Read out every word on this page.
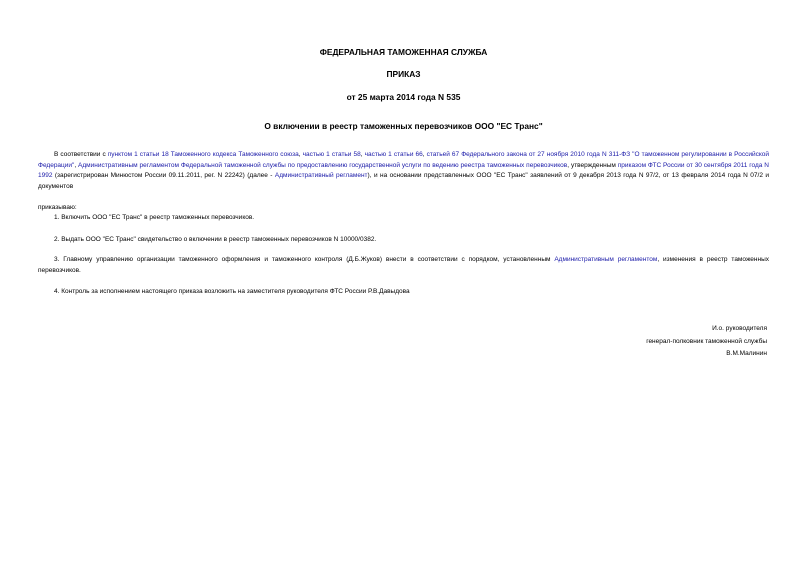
ФЕДЕРАЛЬНАЯ ТАМОЖЕННАЯ СЛУЖБА
ПРИКАЗ
от 25 марта 2014 года N 535
О включении в реестр таможенных перевозчиков ООО "ЕС Транс"
В соответствии с пунктом 1 статьи 18 Таможенного кодекса Таможенного союза, частью 1 статьи 58, частью 1 статьи 66, статьей 67 Федерального закона от 27 ноября 2010 года N 311-ФЗ "О таможенном регулировании в Российской Федерации", Административным регламентом Федеральной таможенной службы по предоставлению государственной услуги по ведению реестра таможенных перевозчиков, утвержденным приказом ФТС России от 30 сентября 2011 года N 1992 (зарегистрирован Минюстом России 09.11.2011, рег. N 22242) (далее - Административный регламент), и на основании представленных ООО "ЕС Транс" заявлений от 9 декабря 2013 года N 97/2, от 13 февраля 2014 года N 07/2 и документов
приказываю:
1. Включить ООО "ЕС Транс" в реестр таможенных перевозчиков.
2. Выдать ООО "ЕС Транс" свидетельство о включении в реестр таможенных перевозчиков N 10000/0382.
3. Главному управлению организации таможенного оформления и таможенного контроля (Д.Б.Жуков) внести в соответствии с порядком, установленным Административным регламентом, изменения в реестр таможенных перевозчиков.
4. Контроль за исполнением настоящего приказа возложить на заместителя руководителя ФТС России Р.В.Давыдова
И.о. руководителя
генерал-полковник таможенной службы
В.М.Малинин
